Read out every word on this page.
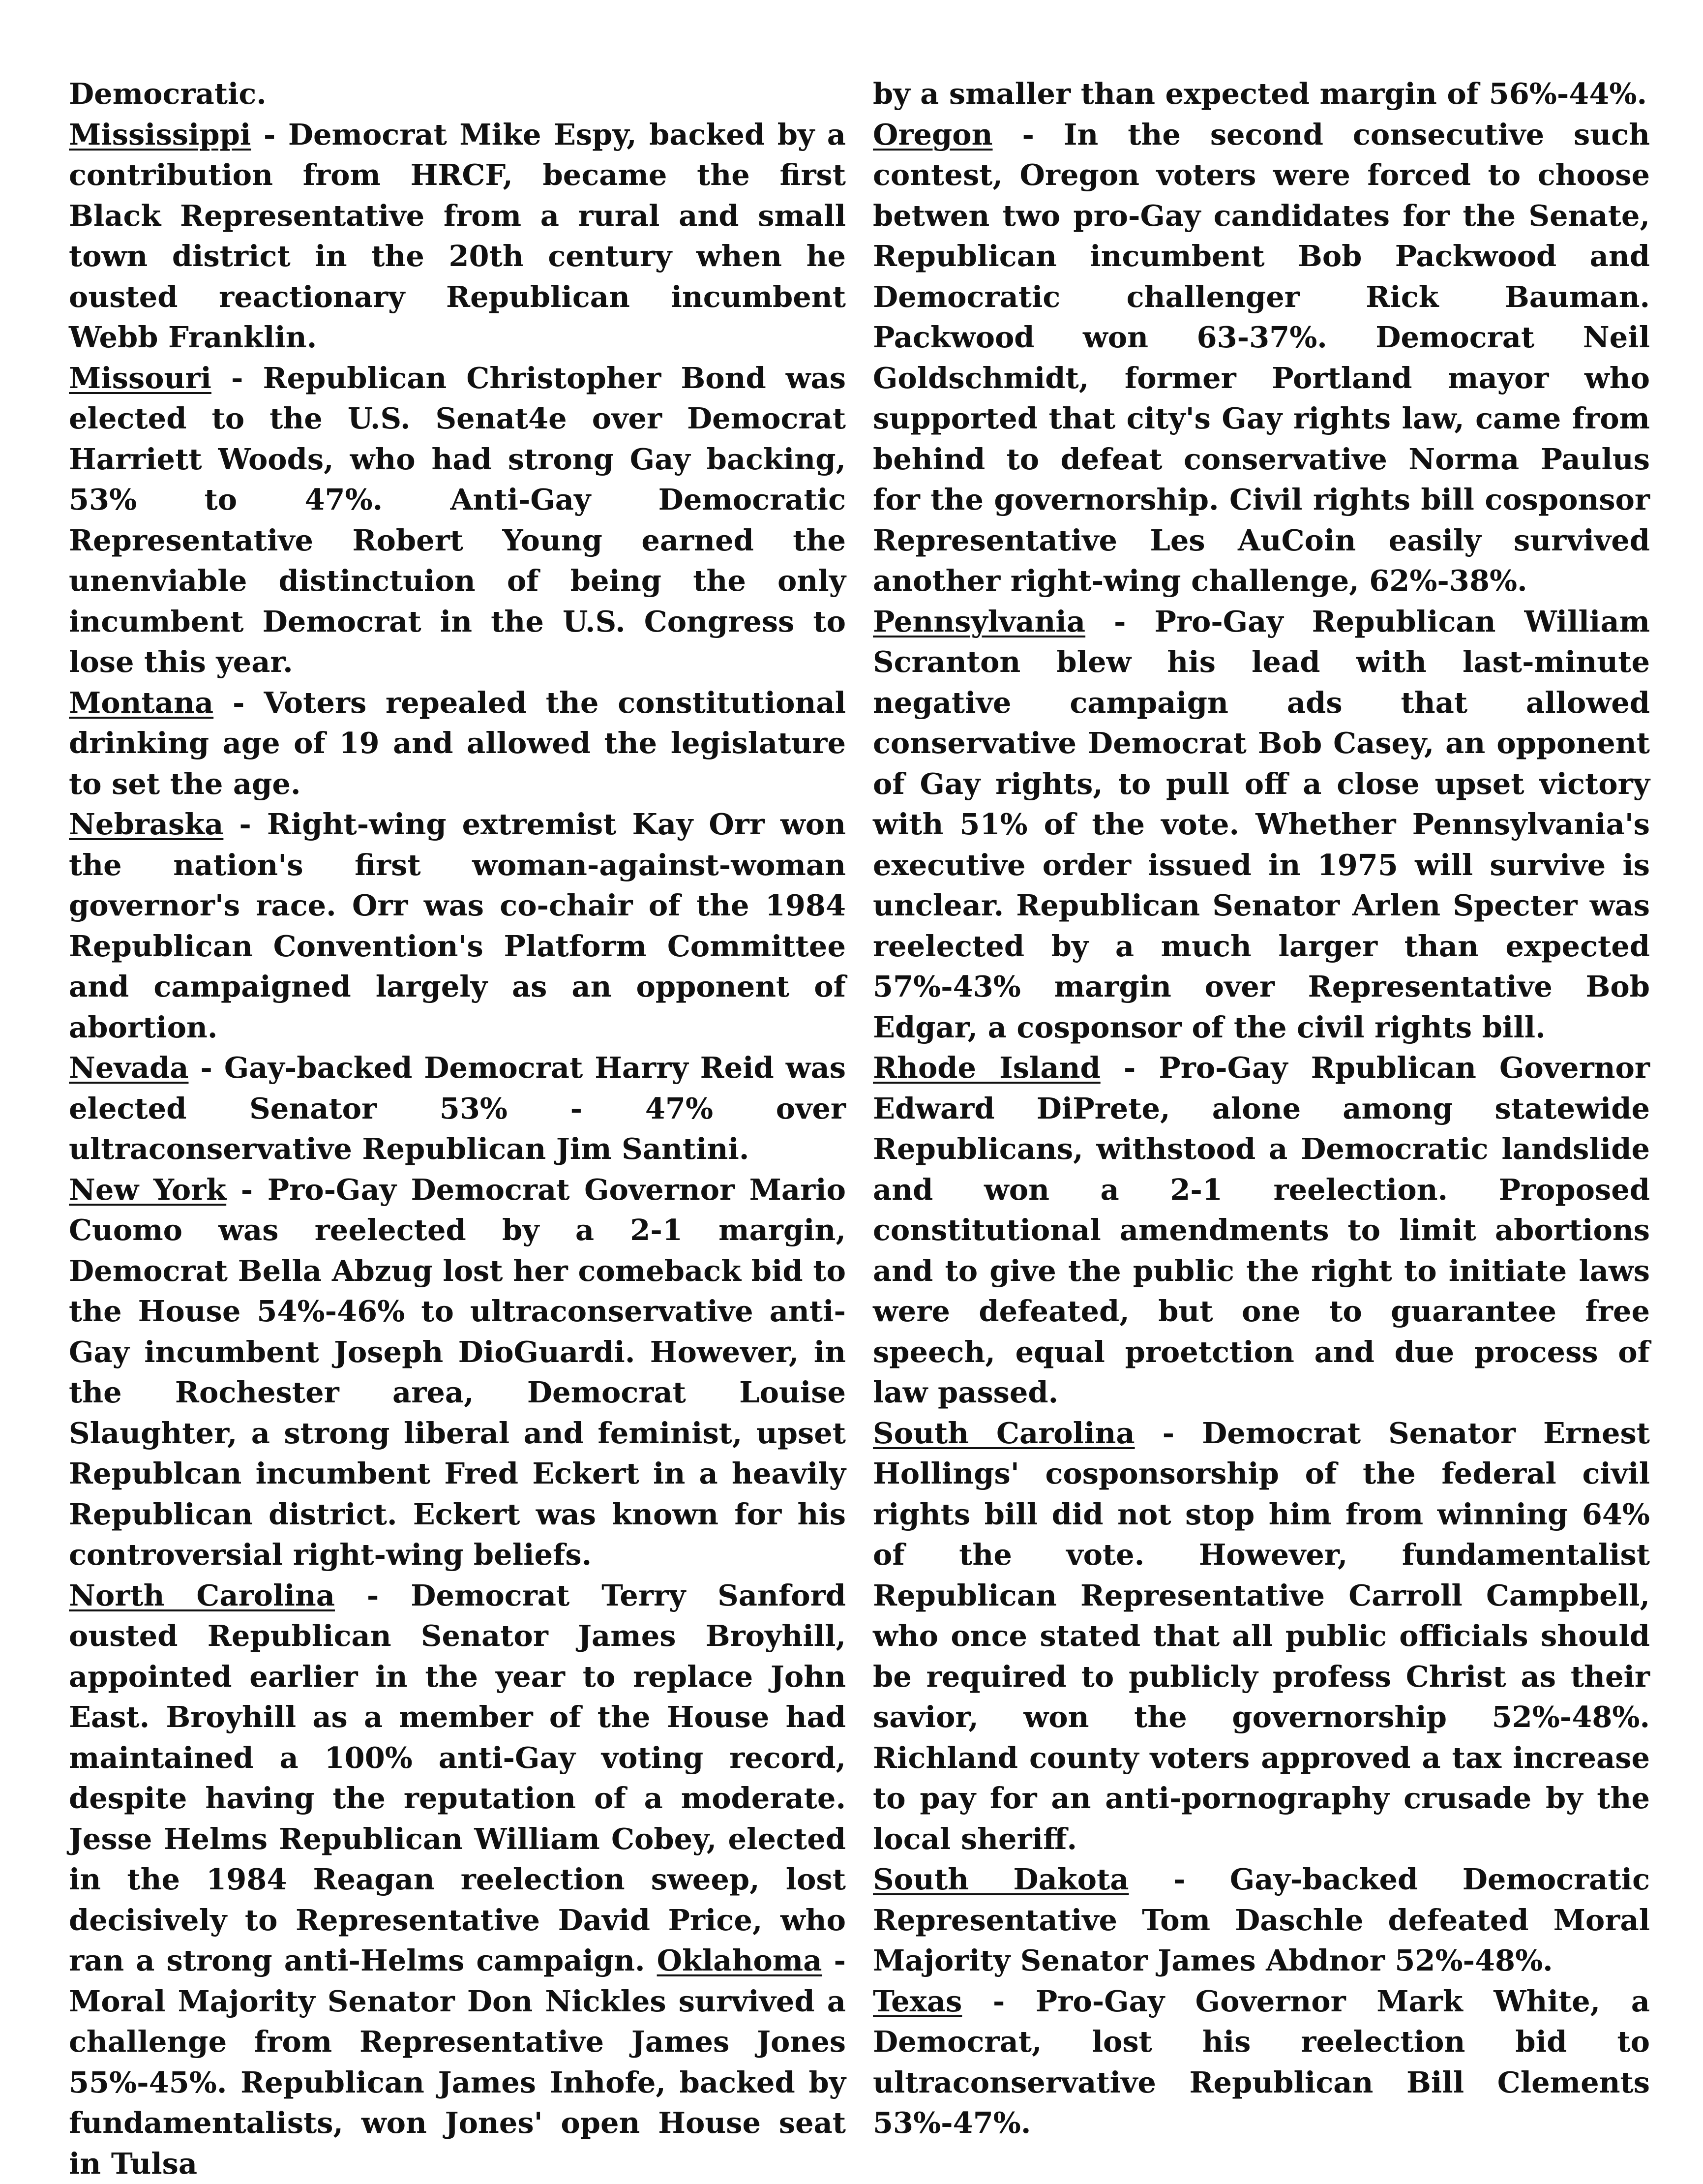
Democratic.

Mississippi - Democrat Mike Espy, backed by a contribution from HRCF, became the first Black Representative from a rural and small town district in the 20th century when he ousted reactionary Republican incumbent Webb Franklin.

Missouri - Republican Christopher Bond was elected to the U.S. Senat4e over Democrat Harriett Woods, who had strong Gay backing, 53% to 47%. Anti-Gay Democratic Representative Robert Young earned the unenviable distinctuion of being the only incumbent Democrat in the U.S. Congress to lose this year.

Montana - Voters repealed the constitutional drinking age of 19 and allowed the legislature to set the age.

Nebraska - Right-wing extremist Kay Orr won the nation's first woman-against-woman governor's race. Orr was co-chair of the 1984 Republican Convention's Platform Committee and campaigned largely as an opponent of abortion.

Nevada - Gay-backed Democrat Harry Reid was elected Senator 53% - 47% over ultraconservative Republican Jim Santini.

New York - Pro-Gay Democrat Governor Mario Cuomo was reelected by a 2-1 margin, Democrat Bella Abzug lost her comeback bid to the House 54%-46% to ultraconservative anti-Gay incumbent Joseph DioGuardi. However, in the Rochester area, Democrat Louise Slaughter, a strong liberal and feminist, upset Republcan incumbent Fred Eckert in a heavily Republican district. Eckert was known for his controversial right-wing beliefs.

North Carolina - Democrat Terry Sanford ousted Republican Senator James Broyhill, appointed earlier in the year to replace John East. Broyhill as a member of the House had maintained a 100% anti-Gay voting record, despite having the reputation of a moderate. Jesse Helms Republican William Cobey, elected in the 1984 Reagan reelection sweep, lost decisively to Representative David Price, who ran a strong anti-Helms campaign. Oklahoma - Moral Majority Senator Don Nickles survived a challenge from Representative James Jones 55%-45%. Republican James Inhofe, backed by fundamentalists, won Jones' open House seat in Tulsa

by a smaller than expected margin of 56%-44%.

Oregon - In the second consecutive such contest, Oregon voters were forced to choose betwen two pro-Gay candidates for the Senate, Republican incumbent Bob Packwood and Democratic challenger Rick Bauman. Packwood won 63-37%. Democrat Neil Goldschmidt, former Portland mayor who supported that city's Gay rights law, came from behind to defeat conservative Norma Paulus for the governorship. Civil rights bill cosponsor Representative Les AuCoin easily survived another right-wing challenge, 62%-38%.

Pennsylvania - Pro-Gay Republican William Scranton blew his lead with last-minute negative campaign ads that allowed conservative Democrat Bob Casey, an opponent of Gay rights, to pull off a close upset victory with 51% of the vote. Whether Pennsylvania's executive order issued in 1975 will survive is unclear. Republican Senator Arlen Specter was reelected by a much larger than expected 57%-43% margin over Representative Bob Edgar, a cosponsor of the civil rights bill.

Rhode Island - Pro-Gay Rpublican Governor Edward DiPrete, alone among statewide Republicans, withstood a Democratic landslide and won a 2-1 reelection. Proposed constitutional amendments to limit abortions and to give the public the right to initiate laws were defeated, but one to guarantee free speech, equal proetction and due process of law passed.

South Carolina - Democrat Senator Ernest Hollings' cosponsorship of the federal civil rights bill did not stop him from winning 64% of the vote. However, fundamentalist Republican Representative Carroll Campbell, who once stated that all public officials should be required to publicly profess Christ as their savior, won the governorship 52%-48%. Richland county voters approved a tax increase to pay for an anti-pornography crusade by the local sheriff.

South Dakota - Gay-backed Democratic Representative Tom Daschle defeated Moral Majority Senator James Abdnor 52%-48%.

Texas - Pro-Gay Governor Mark White, a Democrat, lost his reelection bid to ultraconservative Republican Bill Clements 53%-47%.
